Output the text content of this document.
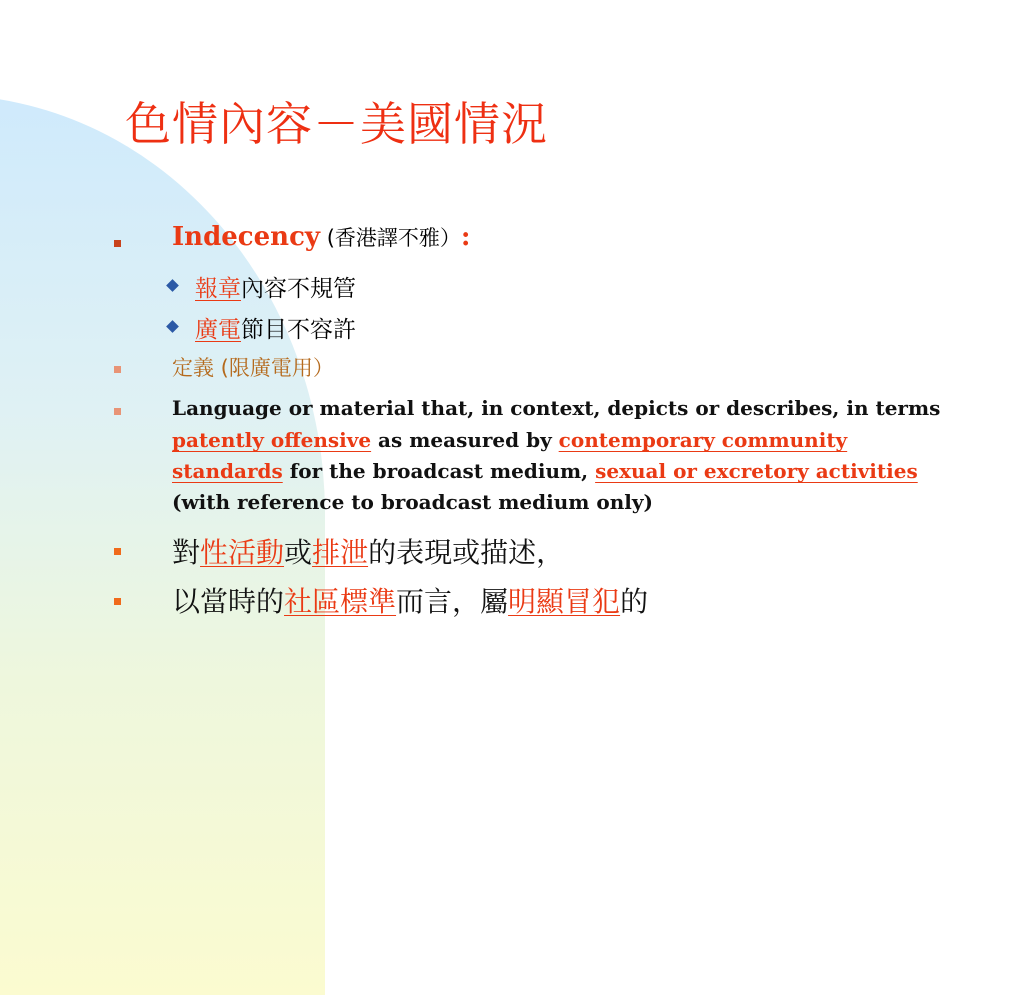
色情內容－美國情況
Indecency (香港譯不雅）:
報章內容不規管
廣電節目不容許
定義 (限廣電用）
Language or material that, in context, depicts or describes, in terms
patently offensive as measured by contemporary community
standards for the broadcast medium, sexual or excretory activities
(with reference to broadcast medium only)
對性活動或排泄的表現或描述，
以當時的社區標準而言，屬明顯冒犯的
